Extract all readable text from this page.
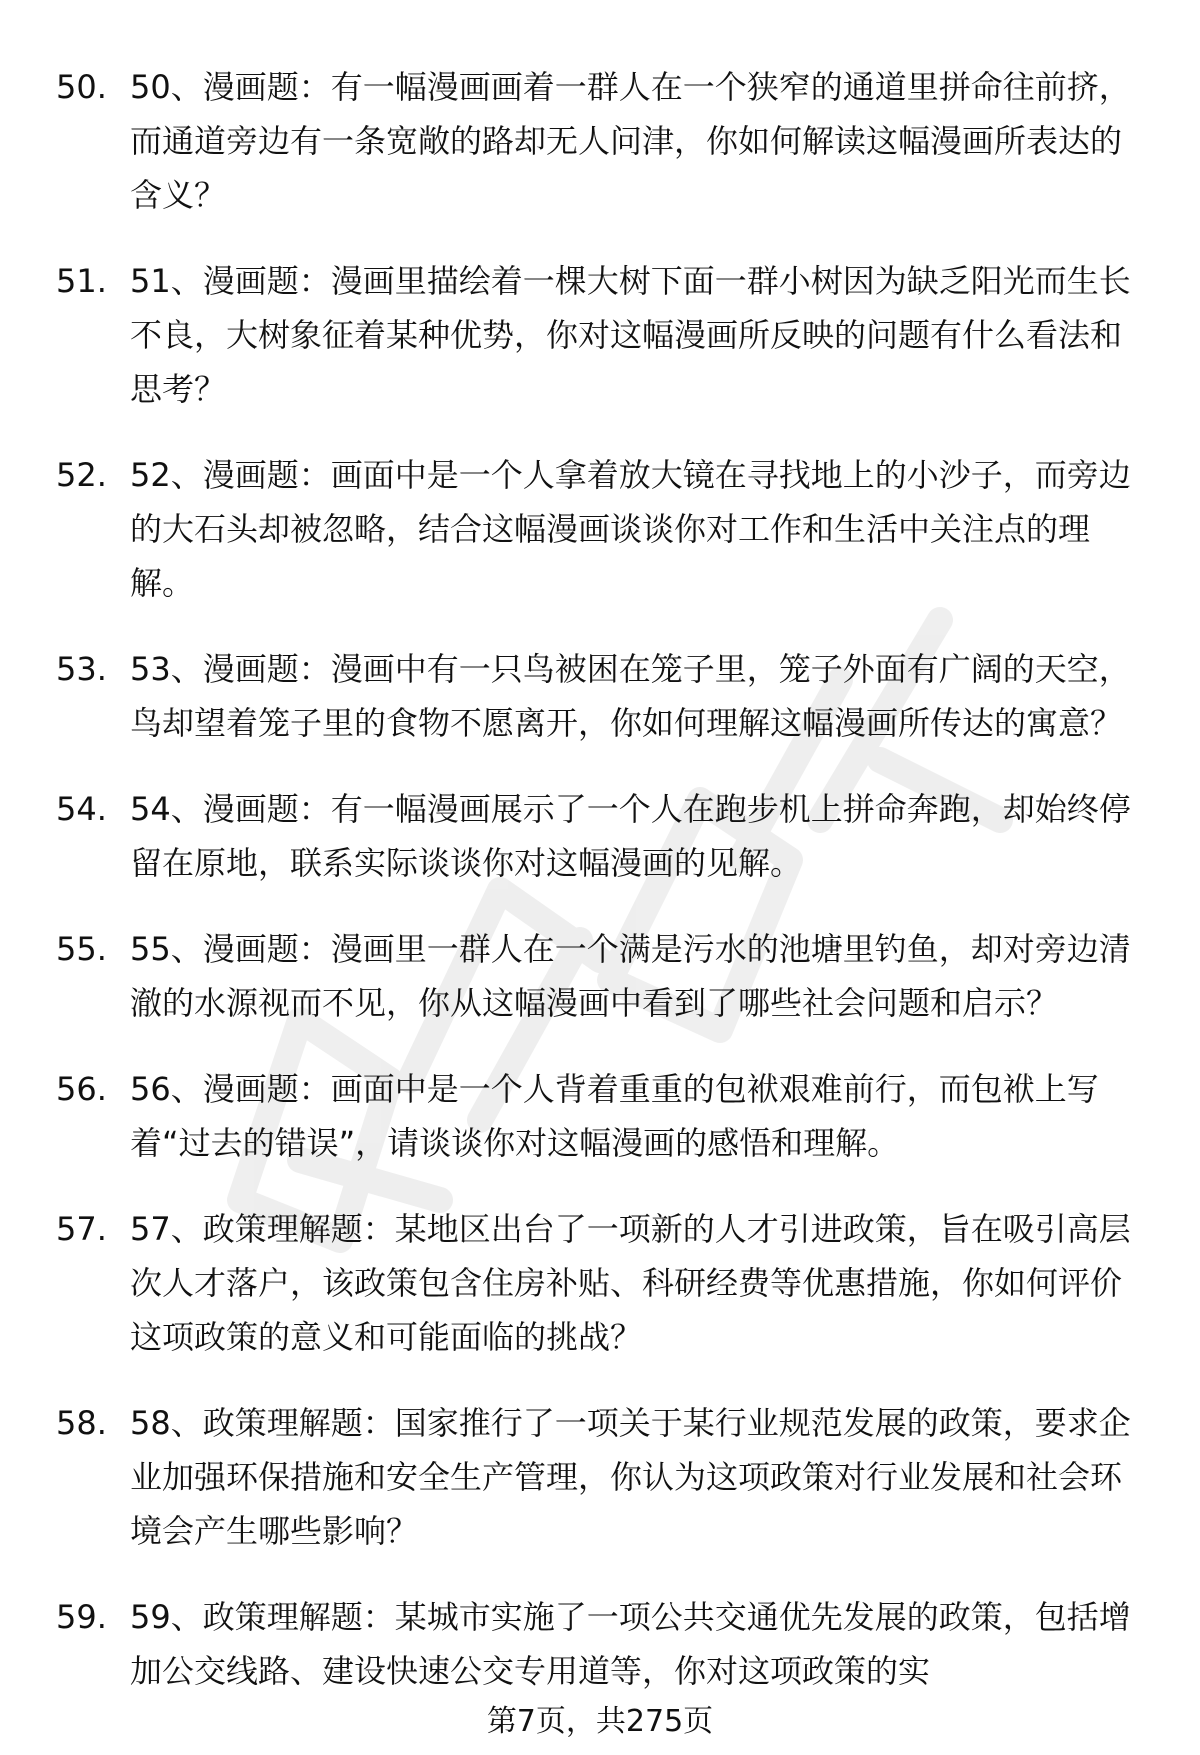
50. 50、漫画题：有一幅漫画画着一群人在一个狭窄的通道里拼命往前挤，而通道旁边有一条宽敞的路却无人问津，你如何解读这幅漫画所表达的含义？
51. 51、漫画题：漫画里描绘着一棵大树下面一群小树因为缺乏阳光而生长不良，大树象征着某种优势，你对这幅漫画所反映的问题有什么看法和思考？
52. 52、漫画题：画面中是一个人拿着放大镜在寻找地上的小沙子，而旁边的大石头却被忽略，结合这幅漫画谈谈你对工作和生活中关注点的理解。
53. 53、漫画题：漫画中有一只鸟被困在笼子里，笼子外面有广阔的天空，鸟却望着笼子里的食物不愿离开，你如何理解这幅漫画所传达的寓意？
54. 54、漫画题：有一幅漫画展示了一个人在跑步机上拼命奔跑，却始终停留在原地，联系实际谈谈你对这幅漫画的见解。
55. 55、漫画题：漫画里一群人在一个满是污水的池塘里钓鱼，却对旁边清澈的水源视而不见，你从这幅漫画中看到了哪些社会问题和启示？
56. 56、漫画题：画面中是一个人背着重重的包袱艰难前行，而包袱上写着“过去的错误”，请谈谈你对这幅漫画的感悟和理解。
57. 57、政策理解题：某地区出台了一项新的人才引进政策，旨在吸引高层次人才落户，该政策包含住房补贴、科研经费等优惠措施，你如何评价这项政策的意义和可能面临的挑战？
58. 58、政策理解题：国家推行了一项关于某行业规范发展的政策，要求企业加强环保措施和安全生产管理，你认为这项政策对行业发展和社会环境会产生哪些影响？
59. 59、政策理解题：某城市实施了一项公共交通优先发展的政策，包括增加公交线路、建设快速公交专用道等，你对这项政策的实
第7页，共275页
